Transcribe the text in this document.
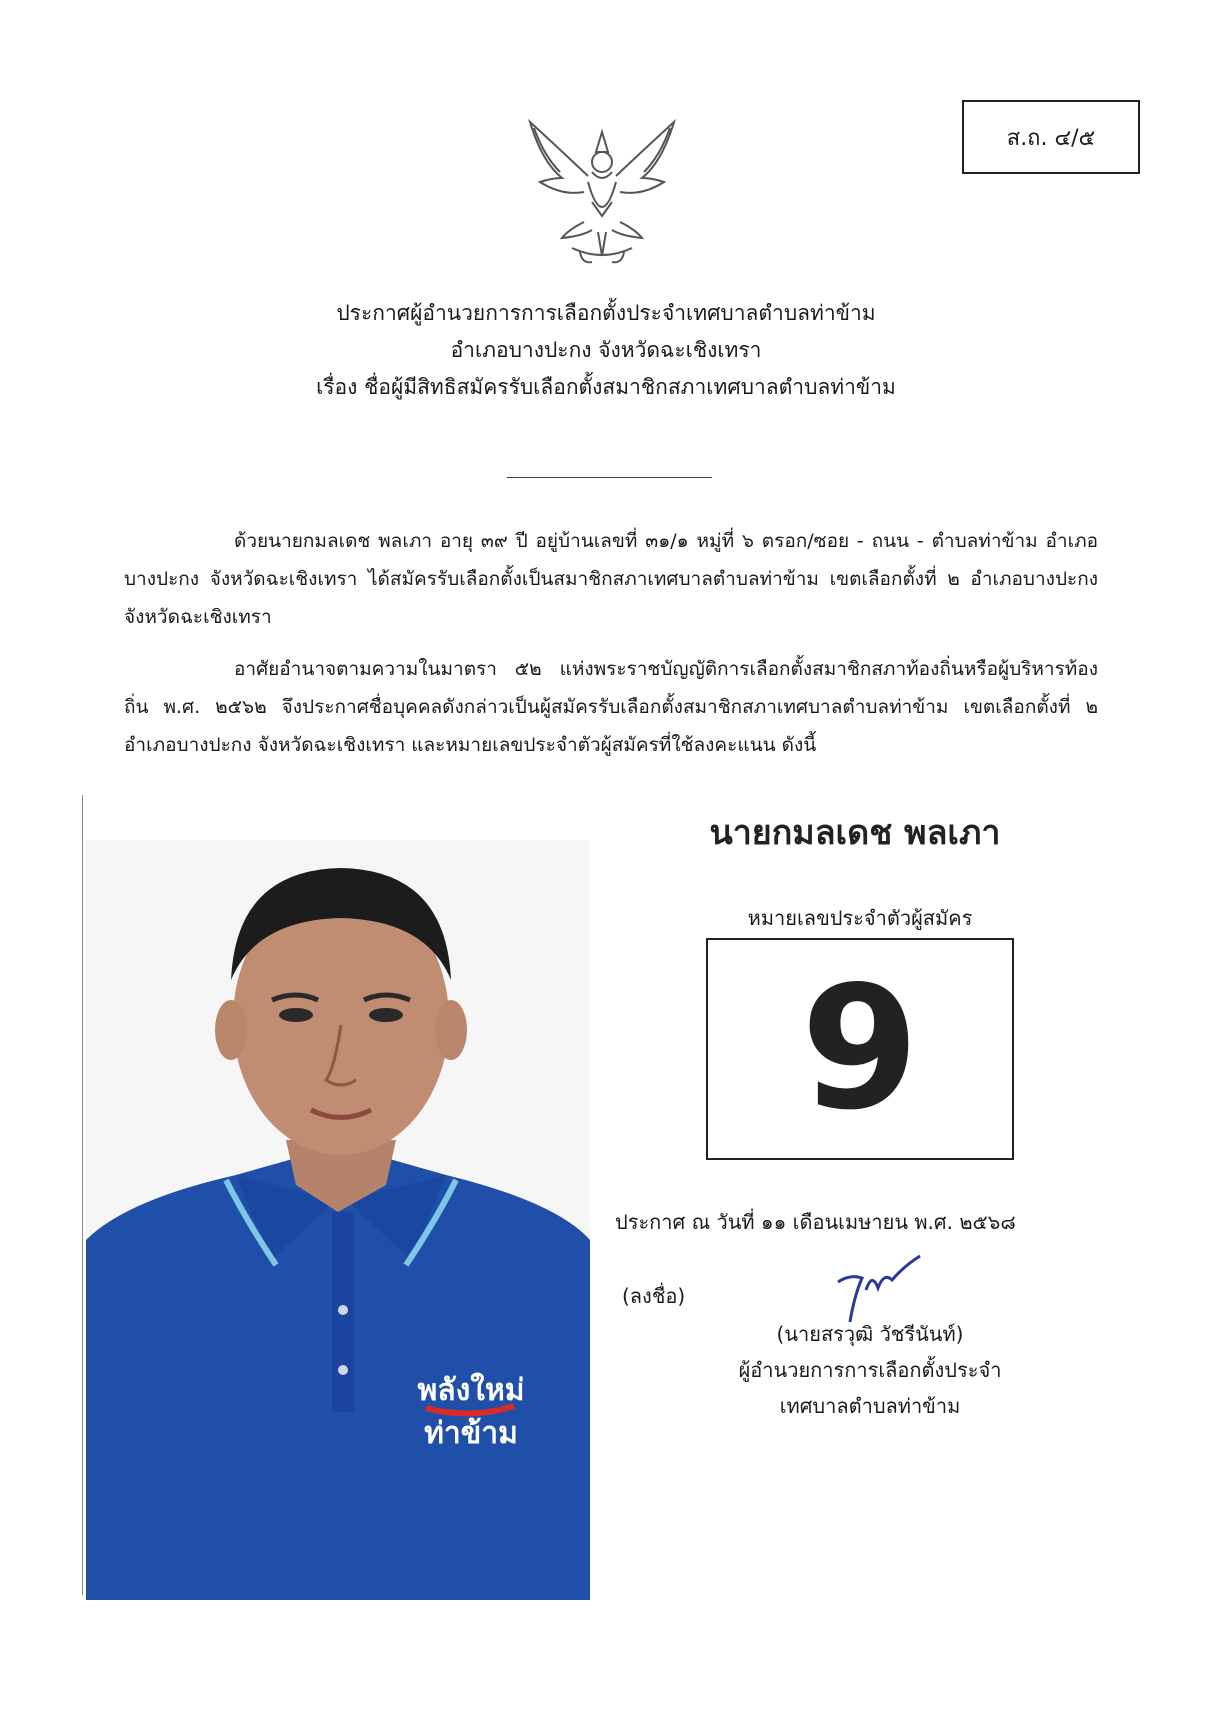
ส.ถ. ๔/๕
ประกาศผู้อำนวยการการเลือกตั้งประจำเทศบาลตำบลท่าข้าม
อำเภอบางปะกง จังหวัดฉะเชิงเทรา
เรื่อง ชื่อผู้มีสิทธิสมัครรับเลือกตั้งสมาชิกสภาเทศบาลตำบลท่าข้าม
ด้วยนายกมลเดช พลเภา อายุ ๓๙ ปี อยู่บ้านเลขที่ ๓๑/๑ หมู่ที่ ๖ ตรอก/ซอย - ถนน - ตำบลท่าข้าม อำเภอบางปะกง จังหวัดฉะเชิงเทรา ได้สมัครรับเลือกตั้งเป็นสมาชิกสภาเทศบาลตำบลท่าข้าม เขตเลือกตั้งที่ ๒ อำเภอบางปะกง จังหวัดฉะเชิงเทรา
อาศัยอำนาจตามความในมาตรา ๕๒ แห่งพระราชบัญญัติการเลือกตั้งสมาชิกสภาท้องถิ่นหรือผู้บริหารท้องถิ่น พ.ศ. ๒๕๖๒ จึงประกาศชื่อบุคคลดังกล่าวเป็นผู้สมัครรับเลือกตั้งสมาชิกสภาเทศบาลตำบลท่าข้าม เขตเลือกตั้งที่ ๒ อำเภอบางปะกง จังหวัดฉะเชิงเทรา และหมายเลขประจำตัวผู้สมัครที่ใช้ลงคะแนน ดังนี้
พลังใหม่
ท่าข้าม
นายกมลเดช พลเภา
หมายเลขประจำตัวผู้สมัคร
9
ประกาศ ณ วันที่ ๑๑ เดือนเมษายน พ.ศ. ๒๕๖๘
(ลงชื่อ)
(นายสรวุฒิ วัชรีนันท์)
ผู้อำนวยการการเลือกตั้งประจำ
เทศบาลตำบลท่าข้าม
